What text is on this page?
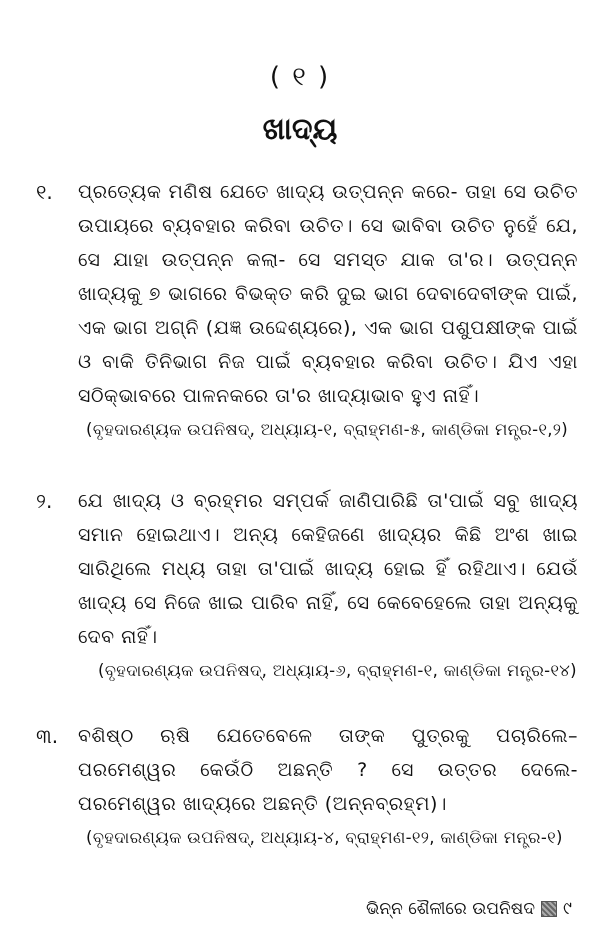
( ୧ )
ଖାଦ୍ୟ
୧. ପ୍ରତ୍ୟେକ ମଣିଷ ଯେତେ ଖାଦ୍ୟ ଉତ୍ପନ୍ନ କରେ- ତାହା ସେ ଉଚିତ ଉପାୟରେ ବ୍ୟବହାର କରିବା ଉଚିତ। ସେ ଭାବିବା ଉଚିତ ନୁହେଁ ଯେ, ସେ ଯାହା ଉତ୍ପନ୍ନ କଲା- ସେ ସମସ୍ତ ଯାକ ତା'ର। ଉତ୍ପନ୍ନ ଖାଦ୍ୟକୁ ୭ ଭାଗରେ ବିଭକ୍ତ କରି ଦୁଇ ଭାଗ ଦେବାଦେବୀଙ୍କ ପାଇଁ, ଏକ ଭାଗ ଅଗ୍ନି (ଯଜ୍ଞ ଉଦ୍ଦେଶ୍ୟରେ), ଏକ ଭାଗ ପଶୁପକ୍ଷୀଙ୍କ ପାଇଁ ଓ ବାକି ତିନିଭାଗ ନିଜ ପାଇଁ ବ୍ୟବହାର କରିବା ଉଚିତ। ଯିଏ ଏହା ସଠିକ୍‌ଭାବରେ ପାଳନକରେ ତା'ର ଖାଦ୍ୟାଭାବ ହୁଏ ନାହିଁ।

(ବୃହଦାରଣ୍ୟକ ଉପନିଷଦ୍, ଅଧ୍ୟାୟ-୧, ବ୍ରାହ୍ମଣ-୫, କାଣ୍ଡିକା ମନ୍ତ୍ର-୧,୨)
୨. ଯେ ଖାଦ୍ୟ ଓ ବ୍ରହ୍ମର ସମ୍ପର୍କ ଜାଣିପାରିଛି ତା'ପାଇଁ ସବୁ ଖାଦ୍ୟ ସମାନ ହୋଇଥାଏ। ଅନ୍ୟ କେହିଜଣେ ଖାଦ୍ୟର କିଛି ଅଂଶ ଖାଇ ସାରିଥିଲେ ମଧ୍ୟ ତାହା ତା'ପାଇଁ ଖାଦ୍ୟ ହୋଇ ହିଁ ରହିଥାଏ। ଯେଉଁ ଖାଦ୍ୟ ସେ ନିଜେ ଖାଇ ପାରିବ ନାହିଁ, ସେ କେବେହେଲେ ତାହା ଅନ୍ୟକୁ ଦେବ ନାହିଁ।

(ବୃହଦାରଣ୍ୟକ ଉପନିଷଦ୍, ଅଧ୍ୟାୟ-୬, ବ୍ରାହ୍ମଣ-୧, କାଣ୍ଡିକା ମନ୍ତ୍ର-୧୪)
୩. ବଶିଷ୍ଠ ଋଷି ଯେତେବେଳେ ତାଙ୍କ ପୁତ୍ରକୁ ପଚାରିଲେ– ପରମେଶ୍ୱର କେଉଁଠି ଅଛନ୍ତି ? ସେ ଉତ୍ତର ଦେଲେ- ପରମେଶ୍ୱର ଖାଦ୍ୟରେ ଅଛନ୍ତି (ଅନ୍ନବ୍ରହ୍ମ)।

(ବୃହଦାରଣ୍ୟକ ଉପନିଷଦ୍, ଅଧ୍ୟାୟ-୪, ବ୍ରାହ୍ମଣ-୧୨, କାଣ୍ଡିକା ମନ୍ତ୍ର-୧)
ଭିନ୍ନ ଶୈଳୀରେ ଉପନିଷଦ ୯
